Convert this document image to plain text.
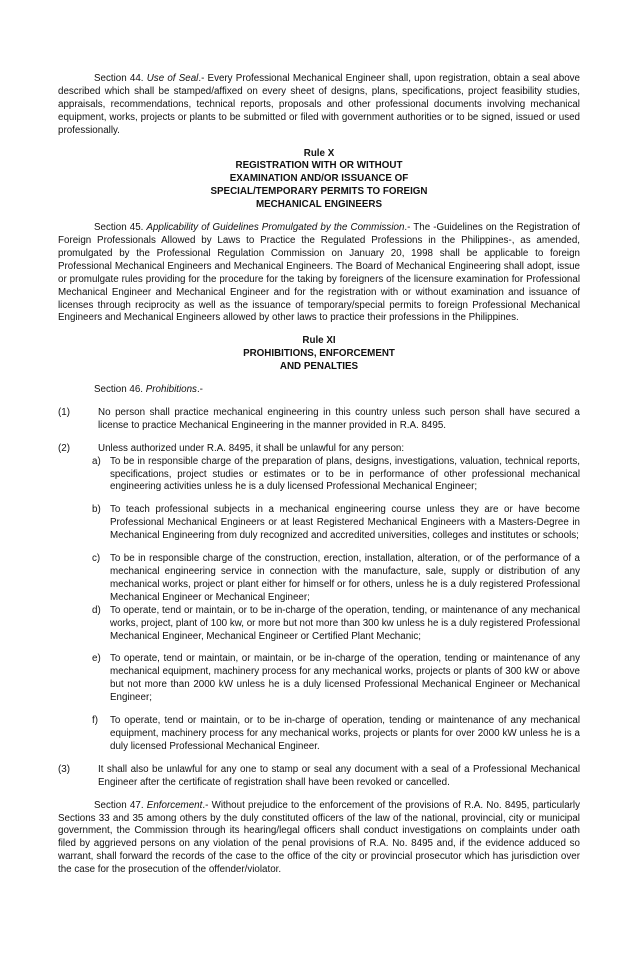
Section 44. Use of Seal.- Every Professional Mechanical Engineer shall, upon registration, obtain a seal above described which shall be stamped/affixed on every sheet of designs, plans, specifications, project feasibility studies, appraisals, recommendations, technical reports, proposals and other professional documents involving mechanical equipment, works, projects or plants to be submitted or filed with government authorities or to be signed, issued or used professionally.

Rule X
REGISTRATION WITH OR WITHOUT
EXAMINATION AND/OR ISSUANCE OF
SPECIAL/TEMPORARY PERMITS TO FOREIGN
MECHANICAL ENGINEERS

Section 45. Applicability of Guidelines Promulgated by the Commission.- The -Guidelines on the Registration of Foreign Professionals Allowed by Laws to Practice the Regulated Professions in the Philippines-, as amended, promulgated by the Professional Regulation Commission on January 20, 1998 shall be applicable to foreign Professional Mechanical Engineers and Mechanical Engineers. The Board of Mechanical Engineering shall adopt, issue or promulgate rules providing for the procedure for the taking by foreigners of the licensure examination for Professional Mechanical Engineer and Mechanical Engineer and for the registration with or without examination and issuance of licenses through reciprocity as well as the issuance of temporary/special permits to foreign Professional Mechanical Engineers and Mechanical Engineers allowed by other laws to practice their professions in the Philippines.

Rule XI
PROHIBITIONS, ENFORCEMENT
AND PENALTIES

Section 46. Prohibitions.-

(1)	No person shall practice mechanical engineering in this country unless such person shall have secured a license to practice Mechanical Engineering in the manner provided in R.A. 8495.
(2)	Unless authorized under R.A. 8495, it shall be unlawful for any person:
a) To be in responsible charge of the preparation of plans, designs, investigations, valuation, technical reports, specifications, project studies or estimates or to be in performance of other professional mechanical engineering activities unless he is a duly licensed Professional Mechanical Engineer;
b) To teach professional subjects in a mechanical engineering course unless they are or have become Professional Mechanical Engineers or at least Registered Mechanical Engineers with a Masters-Degree in Mechanical Engineering from duly recognized and accredited universities, colleges and institutes or schools;
c) To be in responsible charge of the construction, erection, installation, alteration, or of the performance of a mechanical engineering service in connection with the manufacture, sale, supply or distribution of any mechanical works, project or plant either for himself or for others, unless he is a duly registered Professional Mechanical Engineer or Mechanical Engineer;
d) To operate, tend or maintain, or to be in-charge of the operation, tending, or maintenance of any mechanical works, project, plant of 100 kw, or more but not more than 300 kw unless he is a duly registered Professional Mechanical Engineer, Mechanical Engineer or Certified Plant Mechanic;
e) To operate, tend or maintain, or maintain, or be in-charge of the operation, tending or maintenance of any mechanical equipment, machinery process for any mechanical works, projects or plants of 300 kW or above but not more than 2000 kW unless he is a duly licensed Professional Mechanical Engineer or Mechanical Engineer;
f) To operate, tend or maintain, or to be in-charge of operation, tending or maintenance of any mechanical equipment, machinery process for any mechanical works, projects or plants for over 2000 kW unless he is a duly licensed Professional Mechanical Engineer.
(3)	It shall also be unlawful for any one to stamp or seal any document with a seal of a Professional Mechanical Engineer after the certificate of registration shall have been revoked or cancelled.

Section 47. Enforcement.- Without prejudice to the enforcement of the provisions of R.A. No. 8495, particularly Sections 33 and 35 among others by the duly constituted officers of the law of the national, provincial, city or municipal government, the Commission through its hearing/legal officers shall conduct investigations on complaints under oath filed by aggrieved persons on any violation of the penal provisions of R.A. No. 8495 and, if the evidence adduced so warrant, shall forward the records of the case to the office of the city or provincial prosecutor which has jurisdiction over the case for the prosecution of the offender/violator.
